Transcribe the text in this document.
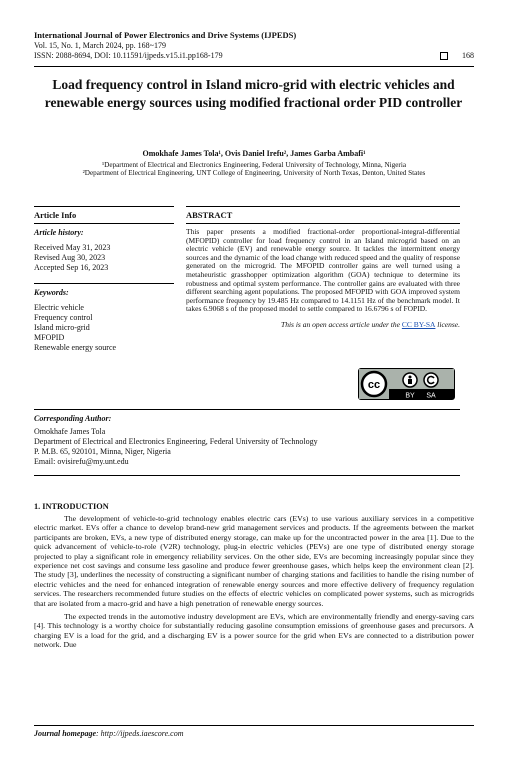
International Journal of Power Electronics and Drive Systems (IJPEDS)
Vol. 15, No. 1, March 2024, pp. 168~179
ISSN: 2088-8694, DOI: 10.11591/ijpeds.v15.i1.pp168-179	168
Load frequency control in Island micro-grid with electric vehicles and renewable energy sources using modified fractional order PID controller
Omokhafe James Tola¹, Ovis Daniel Irefu², James Garba Ambafi¹
¹Department of Electrical and Electronics Engineering, Federal University of Technology, Minna, Nigeria
²Department of Electrical Engineering, UNT College of Engineering, University of North Texas, Denton, United States
Article Info
Article history:
Received May 31, 2023
Revised Aug 30, 2023
Accepted Sep 16, 2023
Keywords:
Electric vehicle
Frequency control
Island micro-grid
MFOPID
Renewable energy source
ABSTRACT
This paper presents a modified fractional-order proportional-integral-differential (MFOPID) controller for load frequency control in an Island microgrid based on an electric vehicle (EV) and renewable energy source. It tackles the intermittent energy sources and the dynamic of the load change with reduced speed and the quality of response generated on the microgrid. The MFOPID controller gains are well turned using a metaheuristic grasshopper optimization algorithm (GOA) technique to determine its robustness and optimal system performance. The controller gains are evaluated with three different searching agent populations. The proposed MFOPID with GOA improved system performance frequency by 19.485 Hz compared to 14.1151 Hz of the benchmark model. It takes 6.9068 s of the proposed model to settle compared to 16.6796 s of FOPID.
This is an open access article under the CC BY-SA license.
cc
BY SA
Corresponding Author:
Omokhafe James Tola
Department of Electrical and Electronics Engineering, Federal University of Technology
P. M.B. 65, 920101, Minna, Niger, Nigeria
Email: ovisirefu@my.unt.edu
1. INTRODUCTION

The development of vehicle-to-grid technology enables electric cars (EVs) to use various auxiliary services in a competitive electric market. EVs offer a chance to develop brand-new grid management services and products. If the agreements between the market participants are broken, EVs, a new type of distributed energy storage, can make up for the uncontracted power in the area [1]. Due to the quick advancement of vehicle-to-role (V2R) technology, plug-in electric vehicles (PEVs) are one type of distributed energy storage projected to play a significant role in emergency reliability services. On the other side, EVs are becoming increasingly popular since they experience net cost savings and consume less gasoline and produce fewer greenhouse gases, which helps keep the environment clean [2]. The study [3], underlines the necessity of constructing a significant number of charging stations and facilities to handle the rising number of electric vehicles and the need for enhanced integration of renewable energy sources and more effective delivery of frequency regulation services. The researchers recommended future studies on the effects of electric vehicles on complicated power systems, such as microgrids that are isolated from a macro-grid and have a high penetration of renewable energy sources.

The expected trends in the automotive industry development are EVs, which are environmentally friendly and energy-saving cars [4]. This technology is a worthy choice for substantially reducing gasoline consumption emissions of greenhouse gases and precursors. A charging EV is a load for the grid, and a discharging EV is a power source for the grid when EVs are connected to a distribution power network. Due

Journal homepage: http://ijpeds.iaescore.com
